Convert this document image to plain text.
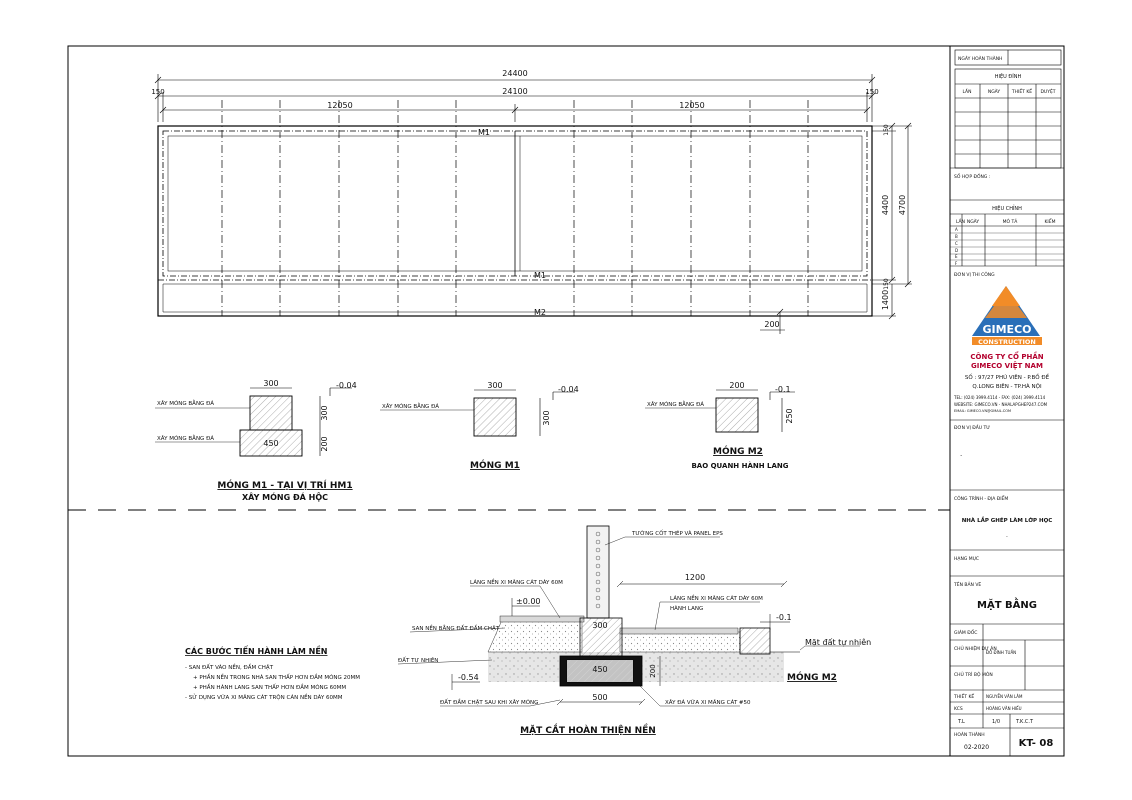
24400
24100
150	150
12050	12050
M1
M1
M2
4400 4700
1400
150
150
200
300
450
300
200
-0.04
XÂY MÓNG BẰNG ĐÁ
XÂY MÓNG BẰNG ĐÁ
MÓNG M1 - TẠI VỊ TRÍ HM1
XÂY MÓNG ĐÁ HỘC
300
300
-0.04
XÂY MÓNG BẰNG ĐÁ
MÓNG M1
200
250
-0.1
XÂY MÓNG BẰNG ĐÁ
MÓNG M2
BAO QUANH HÀNH LANG
1200
300
450
500
200
±0.00
-0.54
-0.1
TƯỜNG CỐT THÉP VÀ PANEL EPS
LÁNG NỀN XI MĂNG CÁT DÀY 60M
LÁNG NỀN XI MĂNG CÁT DÀY 60M
HÀNH LANG
SAN NỀN BẰNG ĐẤT ĐẦM CHẶT
ĐẤT TỰ NHIÊN
ĐẤT ĐẦM CHẶT SAU KHI XÂY MÓNG	XÂY ĐÁ VỮA XI MĂNG CÁT #50
Mặt đất tự nhiên
MÓNG M2
MẶT CẮT HOÀN THIỆN NỀN
CÁC BƯỚC TIẾN HÀNH LÀM NỀN
- SAN ĐẤT VÀO NỀN, ĐẦM CHẶT
+ PHẦN NỀN TRONG NHÀ SAN THẤP HƠN ĐẦM MÓNG 20MM
+ PHẦN HÀNH LANG SAN THẤP HƠN ĐẦM MÓNG 60MM
- SỬ DỤNG VỮA XI MĂNG CÁT TRỘN CÁN NỀN DÀY 60MM
NGÀY HOÀN THÀNH
HIỆU ĐÍNH
LẦN	NGÀY	THIẾT KẾ DUYỆT
SỐ HỢP ĐỒNG :
HIỆU CHỈNH
LẦN NGÀY	MÔ TẢ	KIỂM
A
B
C
D
E
F
ĐƠN VỊ THI CÔNG
GIMECO
CONSTRUCTION
CÔNG TY CỔ PHẦN
GIMECO VIỆT NAM
SỐ : 97/27 PHÚ VIÊN - P.BỒ ĐỀ
Q.LONG BIÊN - TP.HÀ NỘI
TEL: (024) 3999.4114 - FAX: (024) 3999.4114
WEBSITE: GIMECO.VN - NHALAPGHEP247.COM
EMAIL: GIMECO.VN@GMAIL.COM
ĐƠN VỊ ĐẦU TƯ
.
CÔNG TRÌNH - ĐỊA ĐIỂM
NHÀ LẮP GHÉP LÀM LỚP HỌC
.
HẠNG MỤC
TÊN BẢN VẼ
MẶT BẰNG
GIÁM ĐỐC
CHỦ NHIỆM DỰ ÁN
ĐỖ ĐÌNH TUẤN
CHỦ TRÌ BỘ MÔN
THIẾT KẾ	NGUYỄN VĂN LÂM
KCS	HOÀNG VĂN HIẾU
T.L	1/0	T.K.C.T
HOÀN THÀNH
02-2020	KT- 08
